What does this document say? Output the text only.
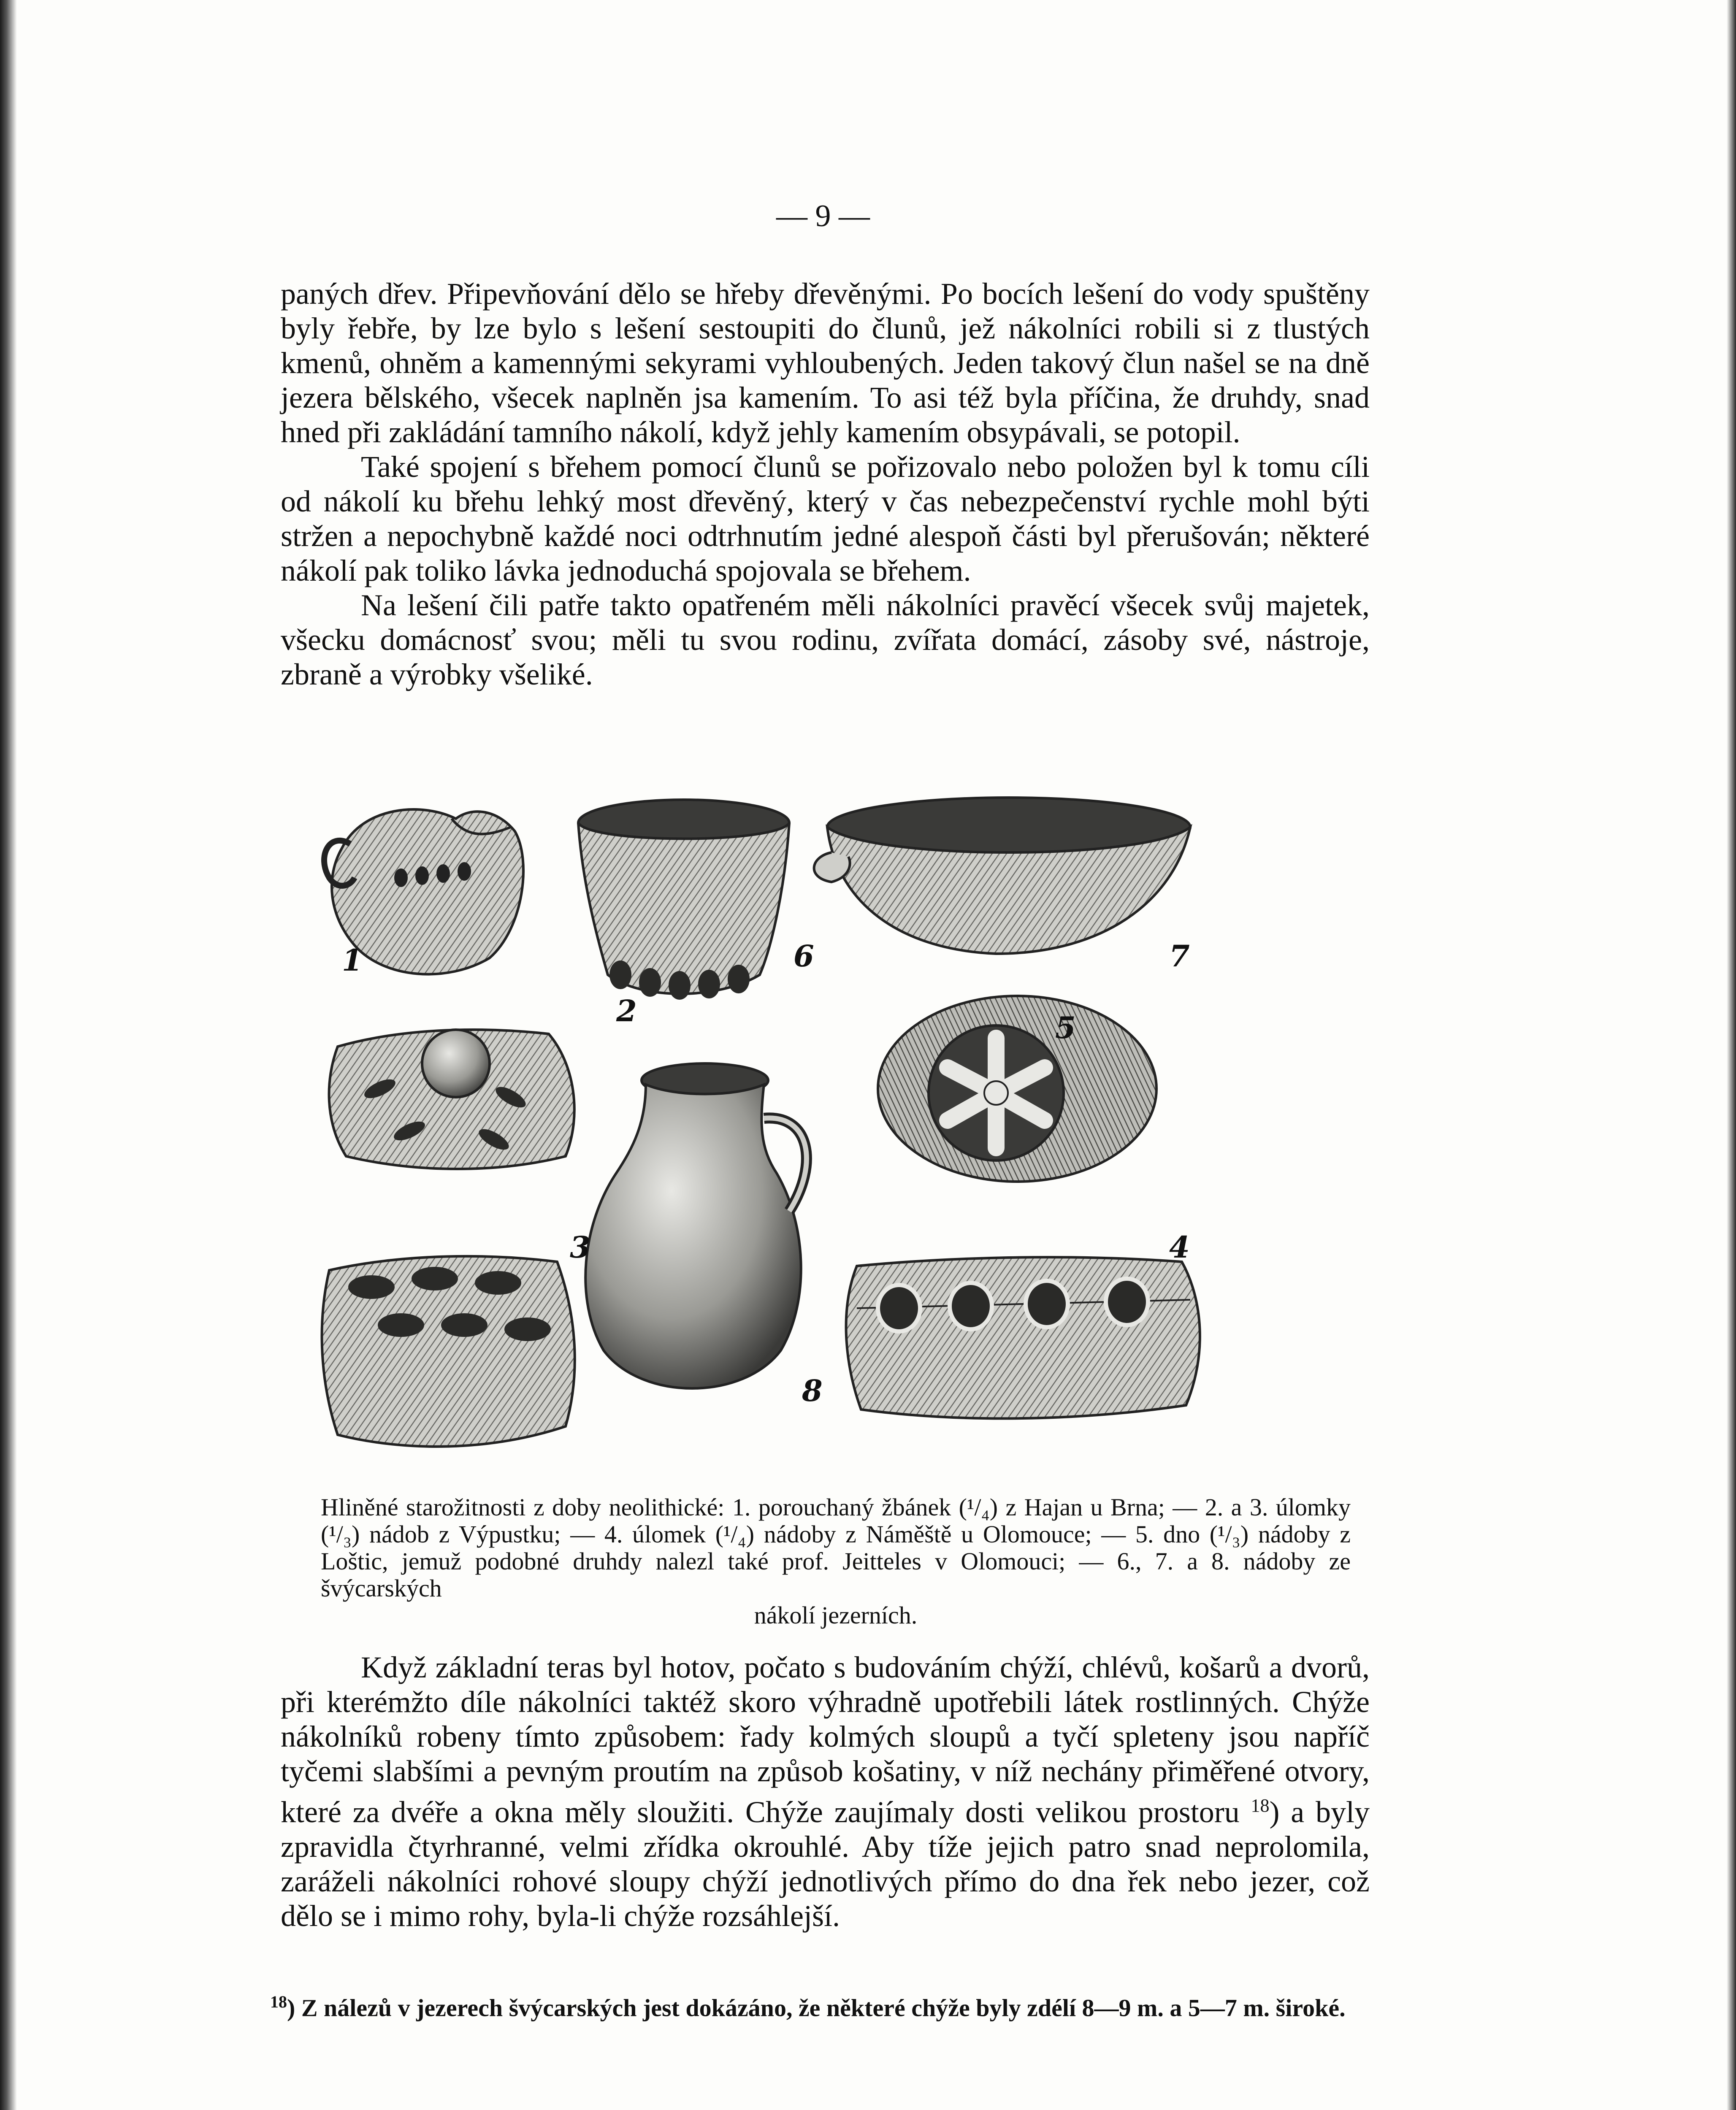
— 9 —

paných dřev. Připevňování dělo se hřeby dřevěnými. Po bocích lešení do vody spuštěny byly řebře, by lze bylo s lešení sestoupiti do člunů, jež nákolníci robili si z tlustých kmenů, ohněm a kamennými sekyrami vyhloubených. Jeden takový člun našel se na dně jezera bělského, všecek naplněn jsa kamením. To asi též byla příčina, že druhdy, snad hned při zakládání tamního nákolí, když jehly kamením obsypávali, se potopil.

Také spojení s břehem pomocí člunů se pořizovalo nebo položen byl k tomu cíli od nákolí ku břehu lehký most dřevěný, který v čas nebezpečenství rychle mohl býti stržen a nepochybně každé noci odtrhnutím jedné alespoň části byl přerušován; některé nákolí pak toliko lávka jednoduchá spojovala se břehem.

Na lešení čili patře takto opatřeném měli nákolníci pravěcí všecek svůj majetek, všecku domácnosť svou; měli tu svou rodinu, zvířata domácí, zásoby své, nástroje, zbraně a výrobky všeliké.

1
2
3	4
5
6	7
8
Hliněné starožitnosti z doby neolithické: 1. porouchaný žbánek (¹/₄) z Hajan u Brna; — 2. a 3. úlomky (¹/₃) nádob z Výpustku; — 4. úlomek (¹/₄) nádoby z Náměště u Olomouce; — 5. dno (¹/₃) nádoby z Loštic, jemuž podobné druhdy nalezl také prof. Jeitteles v Olomouci; — 6., 7. a 8. nádoby ze švýcarských
nákolí jezerních.

Když základní teras byl hotov, počato s budováním chýží, chlévů, košarů a dvorů, při kterémžto díle nákolníci taktéž skoro výhradně upotřebili látek rostlinných. Chýže nákolníků robeny tímto způsobem: řady kolmých sloupů a tyčí spleteny jsou napříč tyčemi slabšími a pevným proutím na způsob košatiny, v níž nechány přiměřené otvory, které za dvéře a okna měly sloužiti. Chýže zaujímaly dosti velikou prostoru $^{18}$) a byly zpravidla čtyrhranné, velmi zřídka okrouhlé. Aby tíže jejich patro snad neprolomila, zaráželi nákolníci rohové sloupy chýží jednotlivých přímo do dna řek nebo jezer, což dělo se i mimo rohy, byla-li chýže rozsáhlejší.

$^{18}$) Z nálezů v jezerech švýcarských jest dokázáno, že některé chýže byly zdélí 8—9 m. a 5—7 m. široké.
